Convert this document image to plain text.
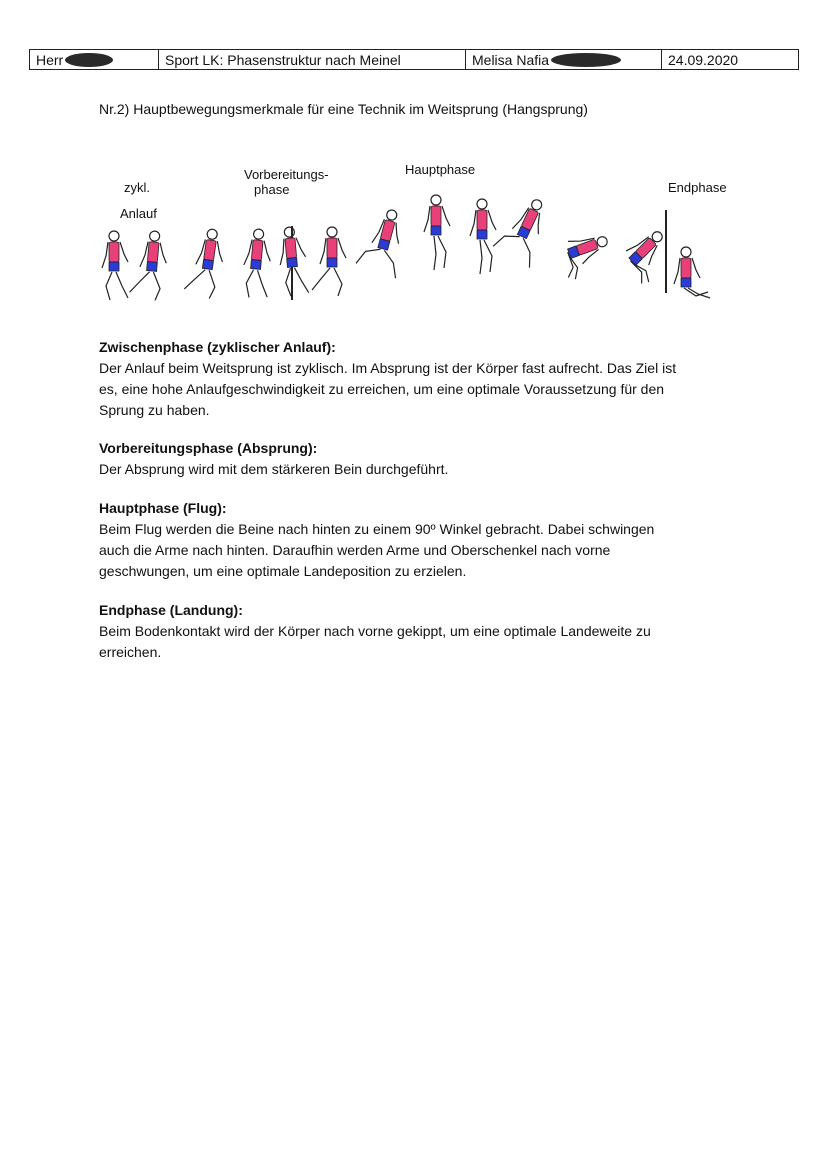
Herr	Sport LK: Phasenstruktur nach Meinel	Melisa Nafia	24.09.2020
Nr.2) Hauptbewegungsmerkmale für eine Technik im Weitsprung (Hangsprung)
zykl.
Anlauf
Vorbereitungs-
phase
Hauptphase
Endphase
Zwischenphase (zyklischer Anlauf):

Der Anlauf beim Weitsprung ist zyklisch. Im Absprung ist der Körper fast aufrecht. Das Ziel ist

es, eine hohe Anlaufgeschwindigkeit zu erreichen, um eine optimale Voraussetzung für den

Sprung zu haben.

Vorbereitungsphase (Absprung):

Der Absprung wird mit dem stärkeren Bein durchgeführt.

Hauptphase (Flug):

Beim Flug werden die Beine nach hinten zu einem 90º Winkel gebracht. Dabei schwingen

auch die Arme nach hinten. Daraufhin werden Arme und Oberschenkel nach vorne

geschwungen, um eine optimale Landeposition zu erzielen.

Endphase (Landung):

Beim Bodenkontakt wird der Körper nach vorne gekippt, um eine optimale Landeweite zu

erreichen.
